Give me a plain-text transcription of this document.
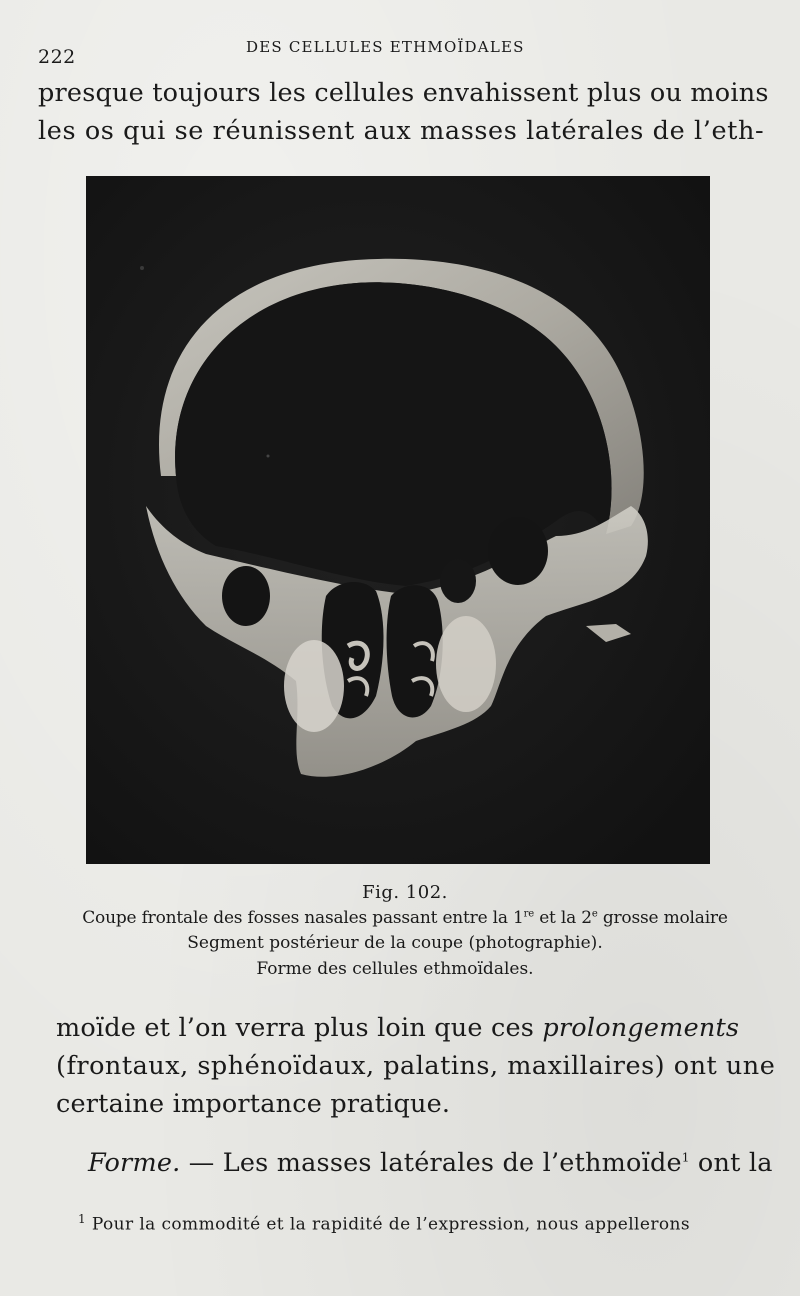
222	DES CELLULES ETHMOÏDALES
presque toujours les cellules envahissent plus ou moins
les os qui se réunissent aux masses latérales de l’eth-
Fig. 102.
Coupe frontale des fosses nasales passant entre la 1re et la 2e grosse molaire
Segment postérieur de la coupe (photographie).
Forme des cellules ethmoïdales.
moïde et l’on verra plus loin que ces prolongements
(frontaux, sphénoïdaux, palatins, maxillaires) ont une
certaine importance pratique.
Forme. — Les masses latérales de l’ethmoïde$^1$ ont la
$^1$ Pour la commodité et la rapidité de l’expression, nous appellerons
